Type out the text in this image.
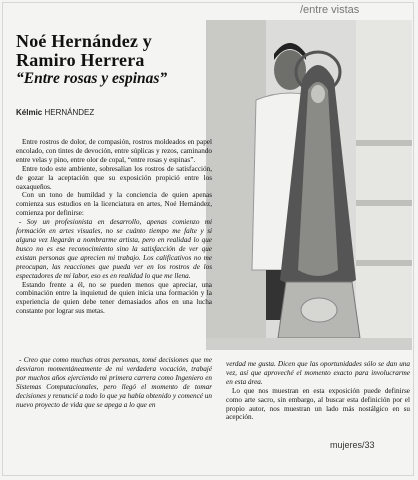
/entre vistas
Noé Hernández y
Ramiro Herrera
“Entre rosas y espinas”
Kélmic HERNÁNDEZ

Entre rostros de dolor, de compasión, rostros moldeados en papel encolado, con tintes de devoción, entre súplicas y rezos, caminando entre velas y pino, entre olor de copal, “entre rosas y espinas”.

Entre todo este ambiente, sobresalían los rostros de satisfacción, de gozar la aceptación que su exposición propició entre los oaxaqueños.

Con un tono de humildad y la conciencia de quien apenas comienza sus estudios en la licenciatura en artes, Noé Hernández, comienza por definirse:

- Soy un profesionista en desarrollo, apenas comienzo mi formación en artes visuales, no se cuánto tiempo me falte y si alguna vez llegarán a nombrarme artista, pero en realidad lo que busco no es ese reconocimiento sino la satisfacción de ver que existan personas que aprecien mi trabajo. Los calificativos no me preocupan, las reacciones que pueda ver en los rostros de los espectadores de mi labor, eso es en realidad lo que me llena.

Estando frente a él, no se pueden menos que apreciar, una combinación entre la inquietud de quien inicia una formación y la experiencia de quien debe tener demasiados años en una lucha constante por lograr sus metas.

- Creo que como muchas otras personas, tomé decisiones que me desviaron momentáneamente de mi verdadera vocación, trabajé por muchos años ejerciendo mi primera carrera como Ingeniero en Sistemas Computacionales, pero llegó el momento de tomar decisiones y renuncié a todo lo que ya había obtenido y comencé un nuevo proyecto de vida que se apega a lo que en

verdad me gusta. Dicen que las oportunidades sólo se dan una vez, así que aproveché el momento exacto para involucrarme en esta área.

Lo que nos muestran en esta exposición puede definirse como arte sacro, sin embargo, al buscar esta definición por el propio autor, nos muestran un lado más nostálgico en su acepción.

mujeres/33
